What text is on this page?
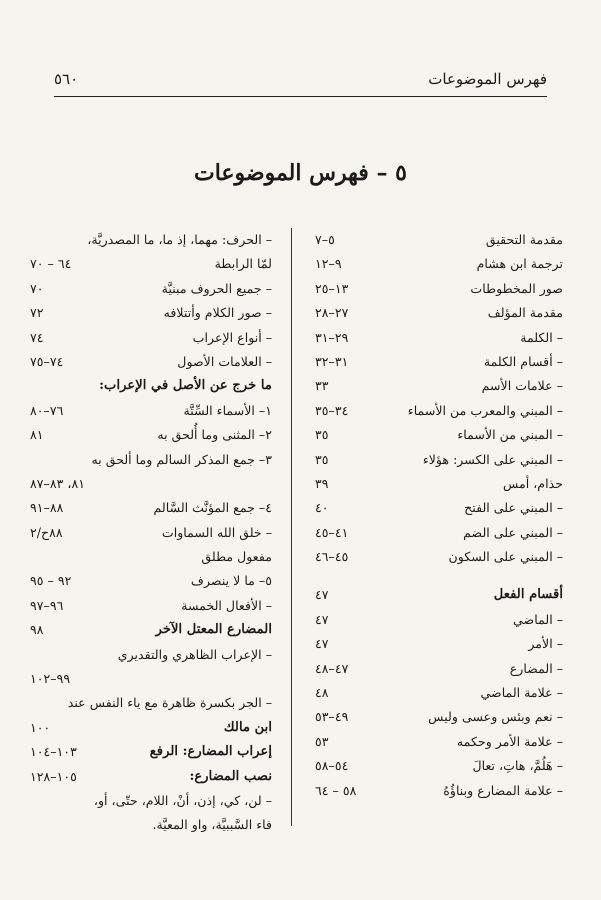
فهرس الموضوعات
٥٦٠
٥ – فهرس الموضوعات
مقدمة التحقيق
٥–٧
ترجمة ابن هشام
٩–١٢
صور المخطوطات
١٣–٢٥
مقدمة المؤلف
٢٧–٢٨
– الكلمة
٢٩–٣١
– أقسام الكلمة
٣١–٣٢
– علامات الأسم
٣٣
– المبني والمعرب من الأسماء
٣٤–٣٥
– المبني من الأسماء
٣٥
– المبني على الكسر: هؤلاء
٣٥
حذام، أمس
٣٩
– المبني على الفتح
٤٠
– المبني على الضم
٤١–٤٥
– المبني على السكون
٤٥–٤٦
أقسام الفعل
٤٧
– الماضي
٤٧
– الأمر
٤٧
– المضارع
٤٧–٤٨
– علامة الماضي
٤٨
– نعم وبئس وعسى وليس
٤٩–٥٣
– علامة الأمر وحكمه
٥٣
– هَلُمَّ، هاتِ، تعالَ
٥٤–٥٨
– علامة المضارع وبناؤُهُ
٥٨ – ٦٤
– الحرف: مهما، إذ ما، ما المصدريَّة،
لمّا الرابطة
٦٤ – ٧٠
– جميع الحروف مبنيَّة
٧٠
– صور الكلام وأتتلافه
٧٢
– أنواع الإعراب
٧٤
– العلامات الأصول
٧٤–٧٥
ما خرج عن الأصل في الإعراب:
١– الأسماء السِّتَّة
٧٦–٨٠
٢– المثنى وما أُلحق به
٨١
٣– جمع المذكر السالم وما ألحق به
٨١، ٨٣–٨٧
٤– جمع المؤنَّث السَّالم
٨٨–٩١
– خلق الله السماوات
٨٨ح/٢
مفعول مطلق
٥– ما لا ينصرف
٩٢ – ٩٥
– الأفعال الخمسة
٩٦–٩٧
المضارع المعتل الآخر
٩٨
– الإعراب الظاهري والتقديري
٩٩–١٠٢
– الجر بكسرة ظاهرة مع ياء النفس عند
ابن مالك
١٠٠
إعراب المضارع: الرفع
١٠٣–١٠٤
نصب المضارع:
١٠٥–١٢٨
– لن، كي، إذن، أنْ، اللام، حتّى، أو،
فاء السَّببيَّة، واو المعيَّة.
